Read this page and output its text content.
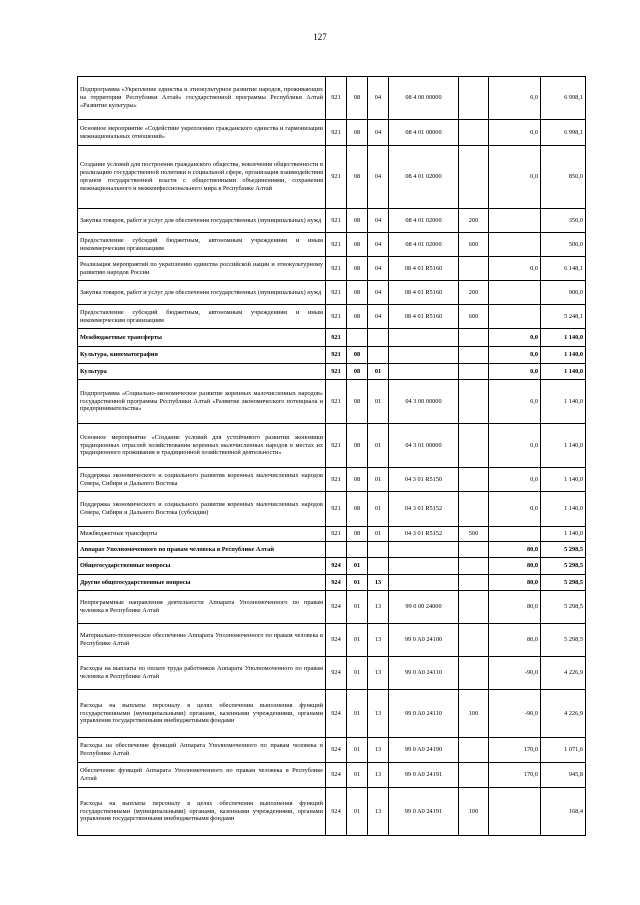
127
Подпрограмма «Укрепление единства и этнокультурное развитие народов, проживающих на территории Республики Алтай» государственной программы Республики Алтай «Развитие культуры»	921	08	04	08 4 00 00000		0,0	6 998,1
Основное мероприятие «Содействие укреплению гражданского единства и гармонизации межнациональных отношений»	921	08	04	08 4 01 00000		0,0	6 998,1
Создание условий для построения гражданского общества, вовлечения общественности в реализацию государственной политики в социальной сфере, организация взаимодействия органов государственной власти с общественными объединениями, сохранения межнационального и межконфессионального мира в Республике Алтай	921	08	04	08 4 01 02000		0,0	850,0
Закупка товаров, работ и услуг для обеспечения государственных (муниципальных) нужд	921	08	04	08 4 01 02000	200		350,0
Предоставление субсидий бюджетным, автономным учреждениям и иным некоммерческим организациям	921	08	04	08 4 01 02000	600		500,0
Реализация мероприятий по укреплению единства российской нации и этнокультурному развитию народов России	921	08	04	08 4 01 R5160		0,0	6 148,1
Закупка товаров, работ и услуг для обеспечения государственных (муниципальных) нужд	921	08	04	08 4 01 R5160	200		900,0
Предоставление субсидий бюджетным, автономным учреждениям и иным некоммерческим организациям	921	08	04	08 4 01 R5160	600		5 248,1
Межбюджетные трансферты	921					0,0	1 140,0
Культура, кинематография	921	08				0,0	1 140,0
Культура	921	08	01			0,0	1 140,0
Подпрограмма «Социально-экономическое развитие коренных малочисленных народов» государственной программы Республики Алтай «Развитие экономического потенциала и предпринимательства»	921	08	01	04 3 00 00000		0,0	1 140,0
Основное мероприятие «Создание условий для устойчивого развития экономики традиционных отраслей хозяйствования коренных малочисленных народов в местах их традиционного проживания и традиционной хозяйственной деятельности»	921	08	01	04 3 01 00000		0,0	1 140,0
Поддержка экономического и социального развития коренных малочисленных народов Севера, Сибири и Дальнего Востока	921	08	01	04 3 01 R5150		0,0	1 140,0
Поддержка экономического и социального развития коренных малочисленных народов Севера, Сибири и Дальнего Востока (субсидии)	921	08	01	04 3 01 R5152		0,0	1 140,0
Межбюджетные трансферты	921	08	01	04 3 01 R5152	500		1 140,0
Аппарат Уполномоченного по правам человека в Республике Алтай						80,0	5 298,5
Общегосударственные вопросы	924	01				80,0	5 298,5
Другие общегосударственные вопросы	924	01	13			80,0	5 298,5
Непрограммные направления деятельности Аппарата Уполномоченного по правам человека в Республике Алтай	924	01	13	99 0 00 24000		80,0	5 298,5
Материально-техническое обеспечение Аппарата Уполномоченного по правам человека в Республике Алтай	924	01	13	99 0 A0 24100		80,0	5 298,5
Расходы на выплаты по оплате труда работников Аппарата Уполномоченного по правам человека в Республике Алтай	924	01	13	99 0 A0 24110		-90,0	4 226,9
Расходы на выплаты персоналу в целях обеспечения выполнения функций государственными (муниципальными) органами, казенными учреждениями, органами управления государственными внебюджетными фондами	924	01	13	99 0 A0 24110	100	-90,0	4 226,9
Расходы на обеспечение функций Аппарата Уполномоченного по правам человека в Республике Алтай	924	01	13	99 0 A0 24190		170,0	1 071,6
Обеспечение функций Аппарата Уполномоченного по правам человека в Республике Алтай	924	01	13	99 0 A0 24191		170,0	945,8
Расходы на выплаты персоналу в целях обеспечения выполнения функций государственными (муниципальными) органами, казенными учреждениями, органами управления государственными внебюджетными фондами	924	01	13	99 0 A0 24191	100		168,4
